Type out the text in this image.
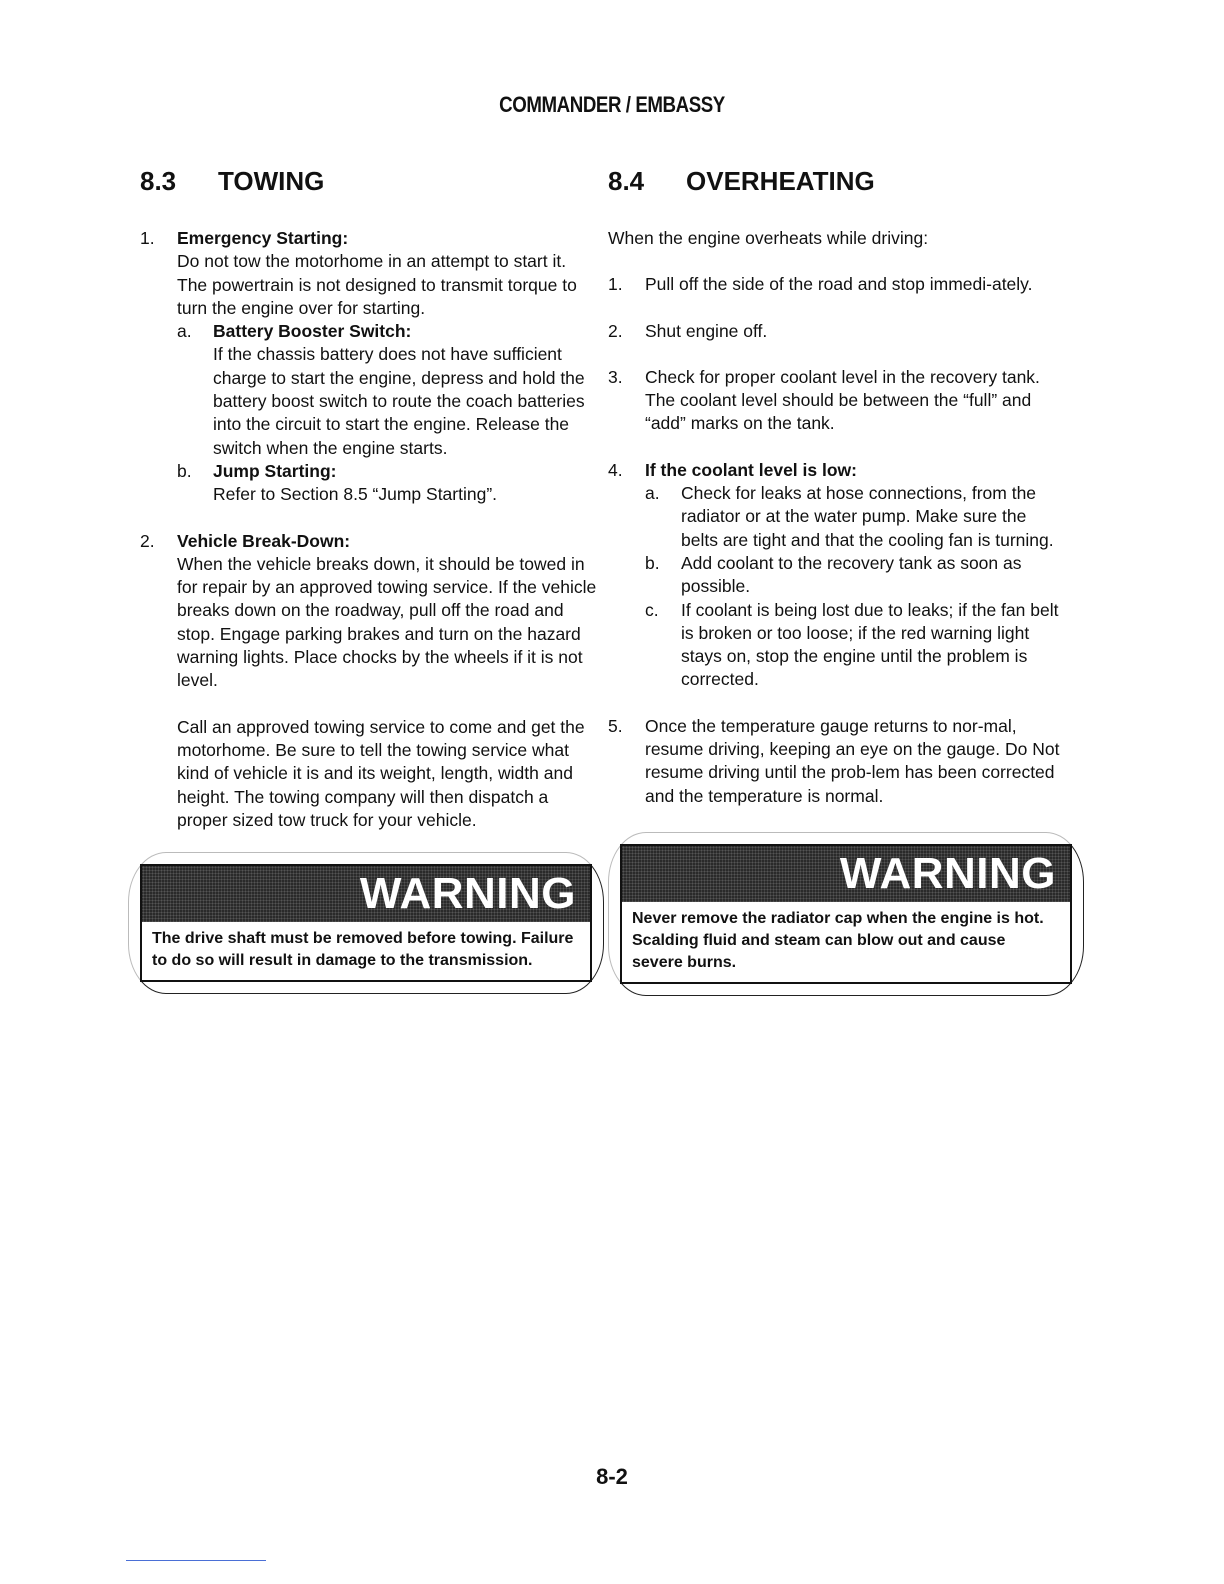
COMMANDER / EMBASSY
8.3	TOWING
1.	Emergency Starting:
Do not tow the motorhome in an attempt to start it. The powertrain is not designed to transmit torque to turn the engine over for starting.
a.	Battery Booster Switch:
If the chassis battery does not have sufficient charge to start the engine, depress and hold the battery boost switch to route the coach batteries into the circuit to start the engine. Release the switch when the engine starts.
b.	Jump Starting:
Refer to Section 8.5 “Jump Starting”.
2.	Vehicle Break-Down:
When the vehicle breaks down, it should be towed in for repair by an approved towing service. If the vehicle breaks down on the roadway, pull off the road and stop. Engage parking brakes and turn on the hazard warning lights. Place chocks by the wheels if it is not level.
Call an approved towing service to come and get the motorhome. Be sure to tell the towing service what kind of vehicle it is and its weight, length, width and height. The towing company will then dispatch a proper sized tow truck for your vehicle.
WARNING
The drive shaft must be removed before towing. Failure to do so will result in damage to the transmission.
8.4	OVERHEATING
When the engine overheats while driving:
1.	Pull off the side of the road and stop immedi-ately.
2.	Shut engine off.
3.	Check for proper coolant level in the recovery tank. The coolant level should be between the “full” and “add” marks on the tank.
4.	If the coolant level is low:
a.	Check for leaks at hose connections, from the radiator or at the water pump. Make sure the belts are tight and that the cooling fan is turning.
b.	Add coolant to the recovery tank as soon as possible.
c.	If coolant is being lost due to leaks; if the fan belt is broken or too loose; if the red warning light stays on, stop the engine until the problem is corrected.
5.	Once the temperature gauge returns to nor-mal, resume driving, keeping an eye on the gauge. Do Not resume driving until the prob-lem has been corrected and the temperature is normal.
WARNING
Never remove the radiator cap when the engine is hot. Scalding fluid and steam can blow out and cause severe burns.
8-2
